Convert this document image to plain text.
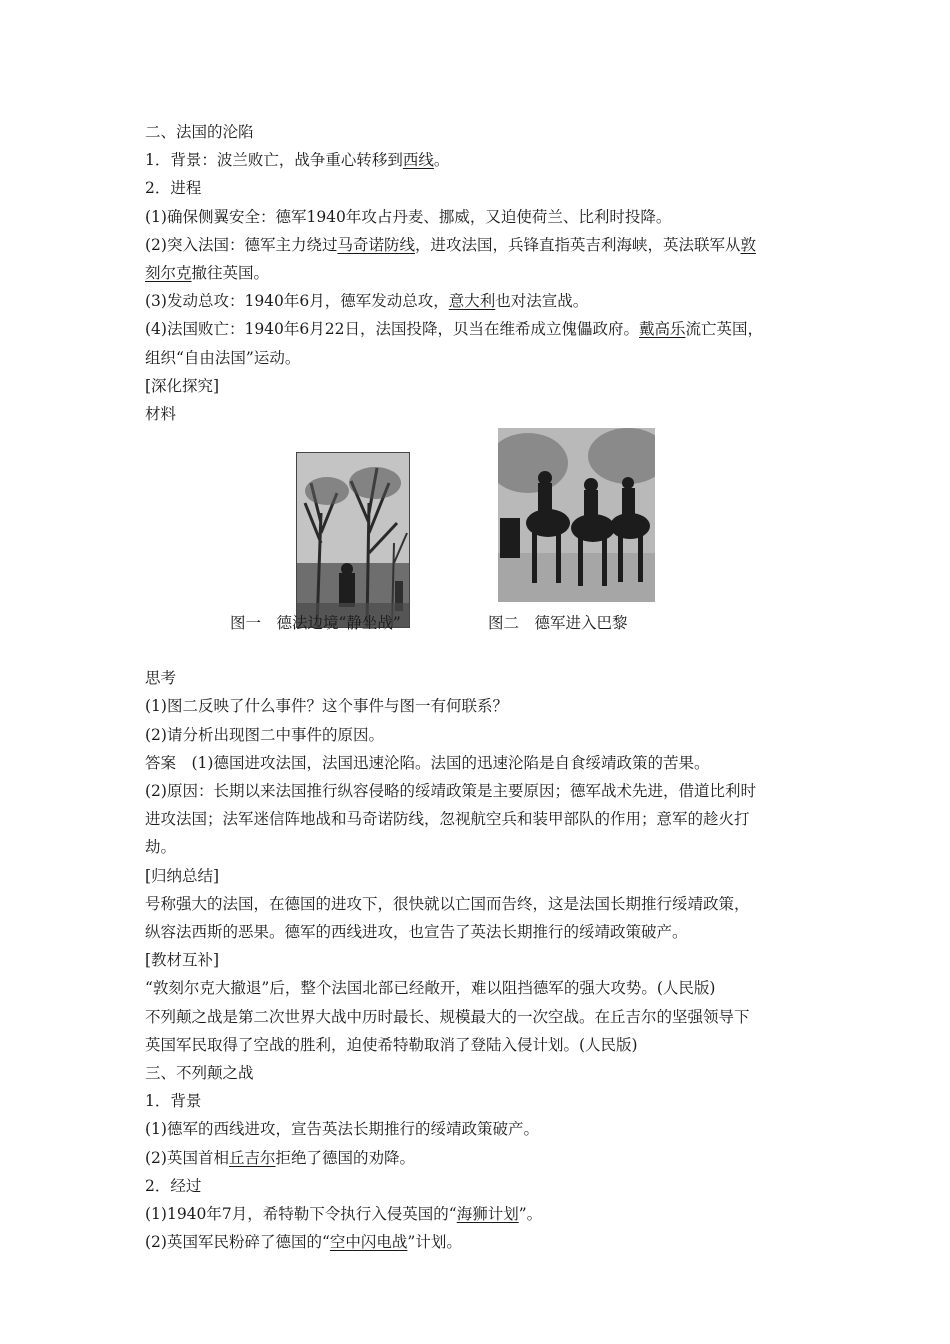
二、法国的沦陷
1．背景：波兰败亡，战争重心转移到西线。
2．进程
(1)确保侧翼安全：德军1940年攻占丹麦、挪威，又迫使荷兰、比利时投降。
(2)突入法国：德军主力绕过马奇诺防线，进攻法国，兵锋直指英吉利海峡，英法联军从敦
刻尔克撤往英国。
(3)发动总攻：1940年6月，德军发动总攻，意大利也对法宣战。
(4)法国败亡：1940年6月22日，法国投降，贝当在维希成立傀儡政府。戴高乐流亡英国，
组织“自由法国”运动。
[深化探究]
材料
图一　德法边境“静坐战”	图二　德军进入巴黎
思考
(1)图二反映了什么事件？这个事件与图一有何联系？
(2)请分析出现图二中事件的原因。
答案　(1)德国进攻法国，法国迅速沦陷。法国的迅速沦陷是自食绥靖政策的苦果。
(2)原因：长期以来法国推行纵容侵略的绥靖政策是主要原因；德军战术先进，借道比利时
进攻法国；法军迷信阵地战和马奇诺防线，忽视航空兵和装甲部队的作用；意军的趁火打
劫。
[归纳总结]
号称强大的法国，在德国的进攻下，很快就以亡国而告终，这是法国长期推行绥靖政策，
纵容法西斯的恶果。德军的西线进攻，也宣告了英法长期推行的绥靖政策破产。
[教材互补]
“敦刻尔克大撤退”后，整个法国北部已经敞开，难以阻挡德军的强大攻势。(人民版)
不列颠之战是第二次世界大战中历时最长、规模最大的一次空战。在丘吉尔的坚强领导下
英国军民取得了空战的胜利，迫使希特勒取消了登陆入侵计划。(人民版)
三、不列颠之战
1．背景
(1)德军的西线进攻，宣告英法长期推行的绥靖政策破产。
(2)英国首相丘吉尔拒绝了德国的劝降。
2．经过
(1)1940年7月，希特勒下令执行入侵英国的“海狮计划”。
(2)英国军民粉碎了德国的“空中闪电战”计划。
